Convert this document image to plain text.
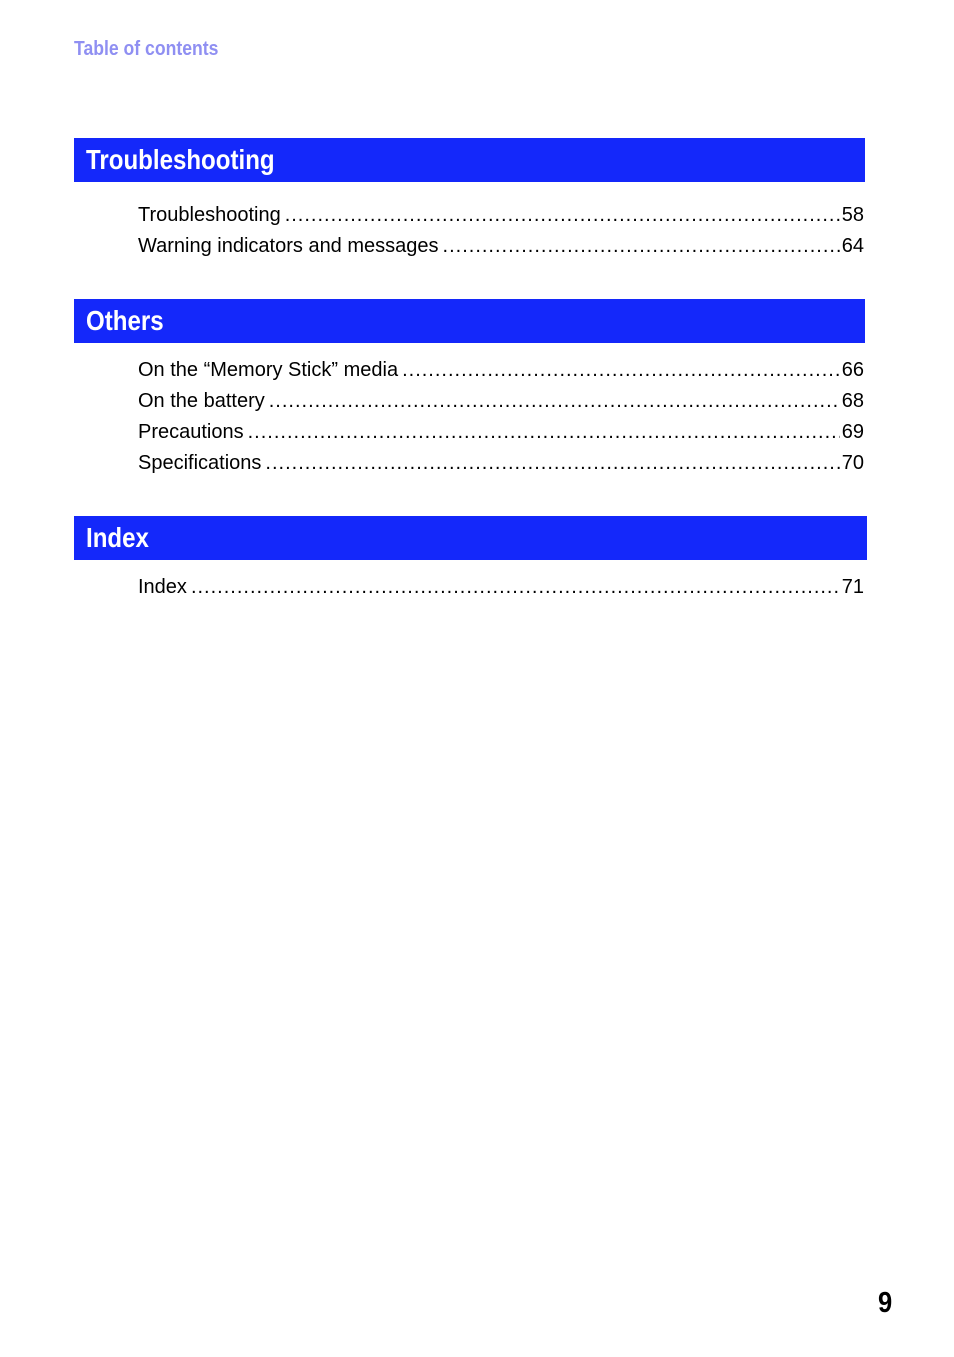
Table of contents
Troubleshooting
Troubleshooting .....	58
Warning indicators and messages .....	64
Others
On the “Memory Stick” media .....	66
On the battery .....	68
Precautions .....	69
Specifications .....	70
Index
Index .....	71
9
